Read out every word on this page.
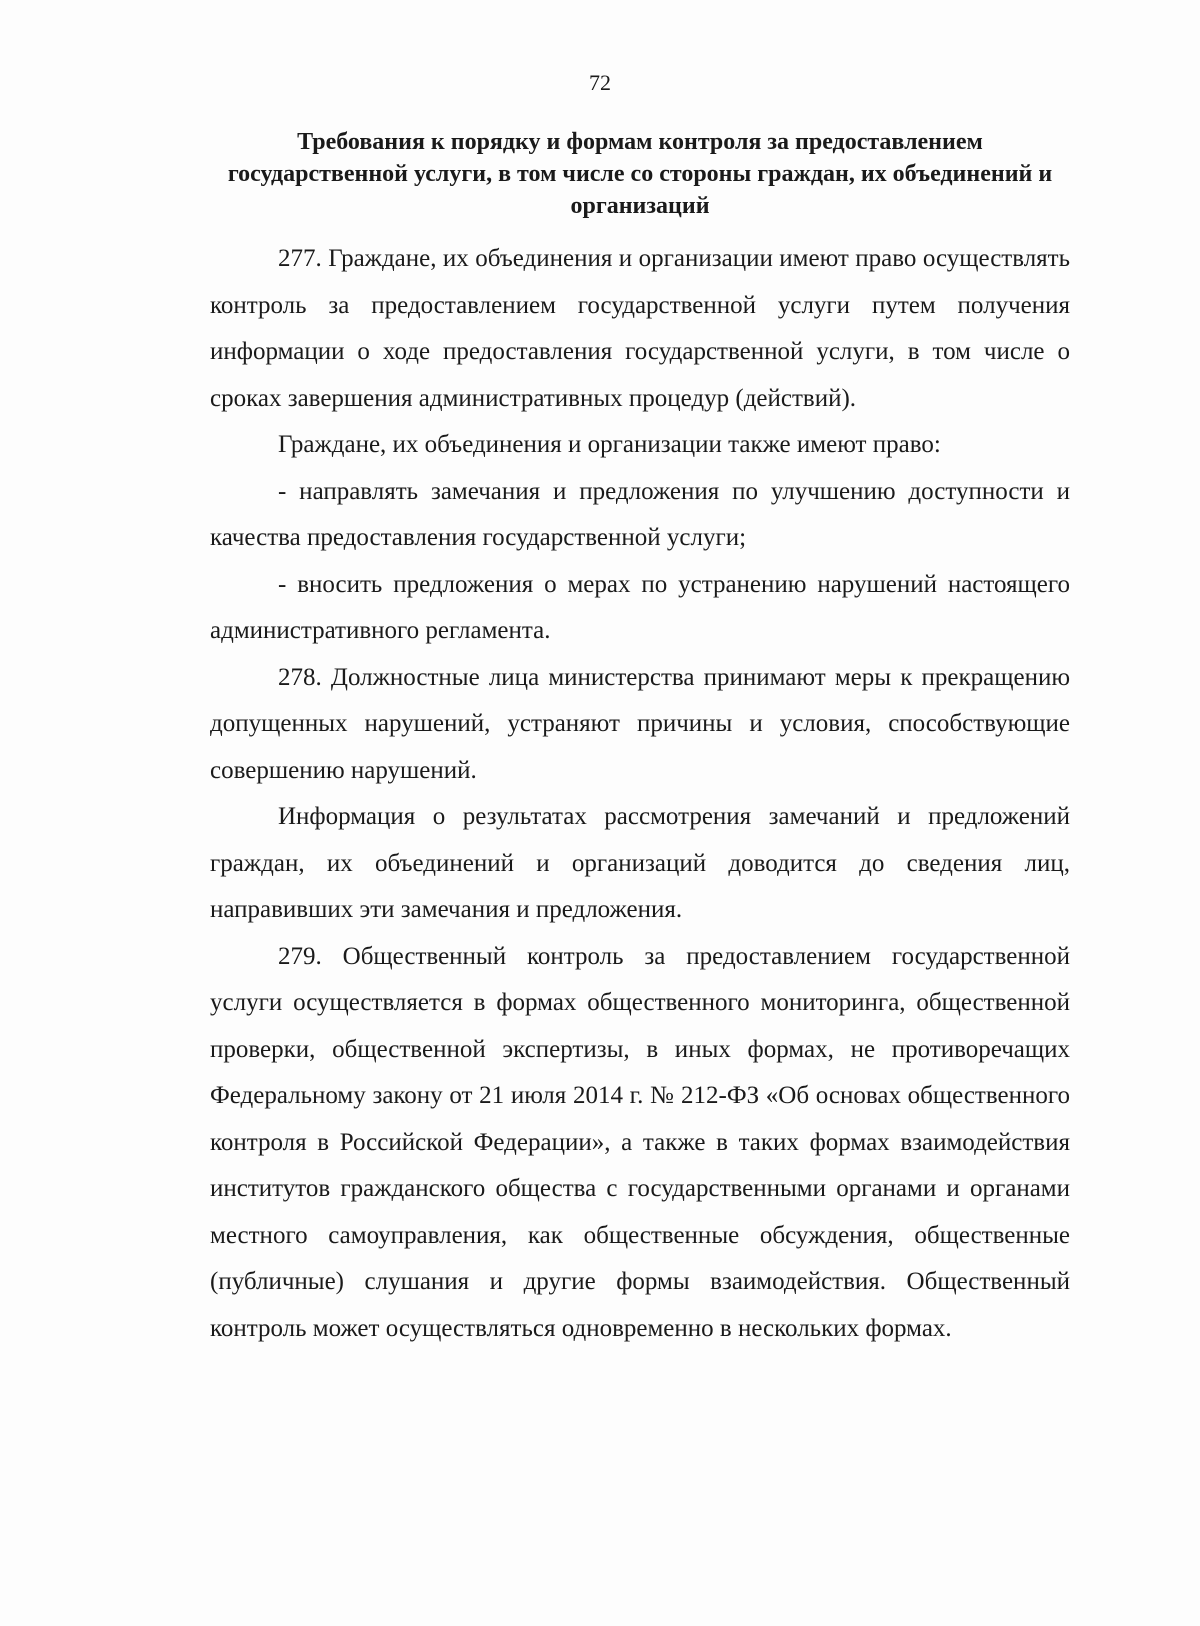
72
Требования к порядку и формам контроля за предоставлением государственной услуги, в том числе со стороны граждан, их объединений и организаций

277. Граждане, их объединения и организации имеют право осуществлять контроль за предоставлением государственной услуги путем получения информации о ходе предоставления государственной услуги, в том числе о сроках завершения административных процедур (действий).

Граждане, их объединения и организации также имеют право:

- направлять замечания и предложения по улучшению доступности и качества предоставления государственной услуги;

- вносить предложения о мерах по устранению нарушений настоящего административного регламента.

278. Должностные лица министерства принимают меры к прекращению допущенных нарушений, устраняют причины и условия, способствующие совершению нарушений.

Информация о результатах рассмотрения замечаний и предложений граждан, их объединений и организаций доводится до сведения лиц, направивших эти замечания и предложения.

279. Общественный контроль за предоставлением государственной услуги осуществляется в формах общественного мониторинга, общественной проверки, общественной экспертизы, в иных формах, не противоречащих Федеральному закону от 21 июля 2014 г. № 212-ФЗ «Об основах общественного контроля в Российской Федерации», а также в таких формах взаимодействия институтов гражданского общества с государственными органами и органами местного самоуправления, как общественные обсуждения, общественные (публичные) слушания и другие формы взаимодействия. Общественный контроль может осуществляться одновременно в нескольких формах.
